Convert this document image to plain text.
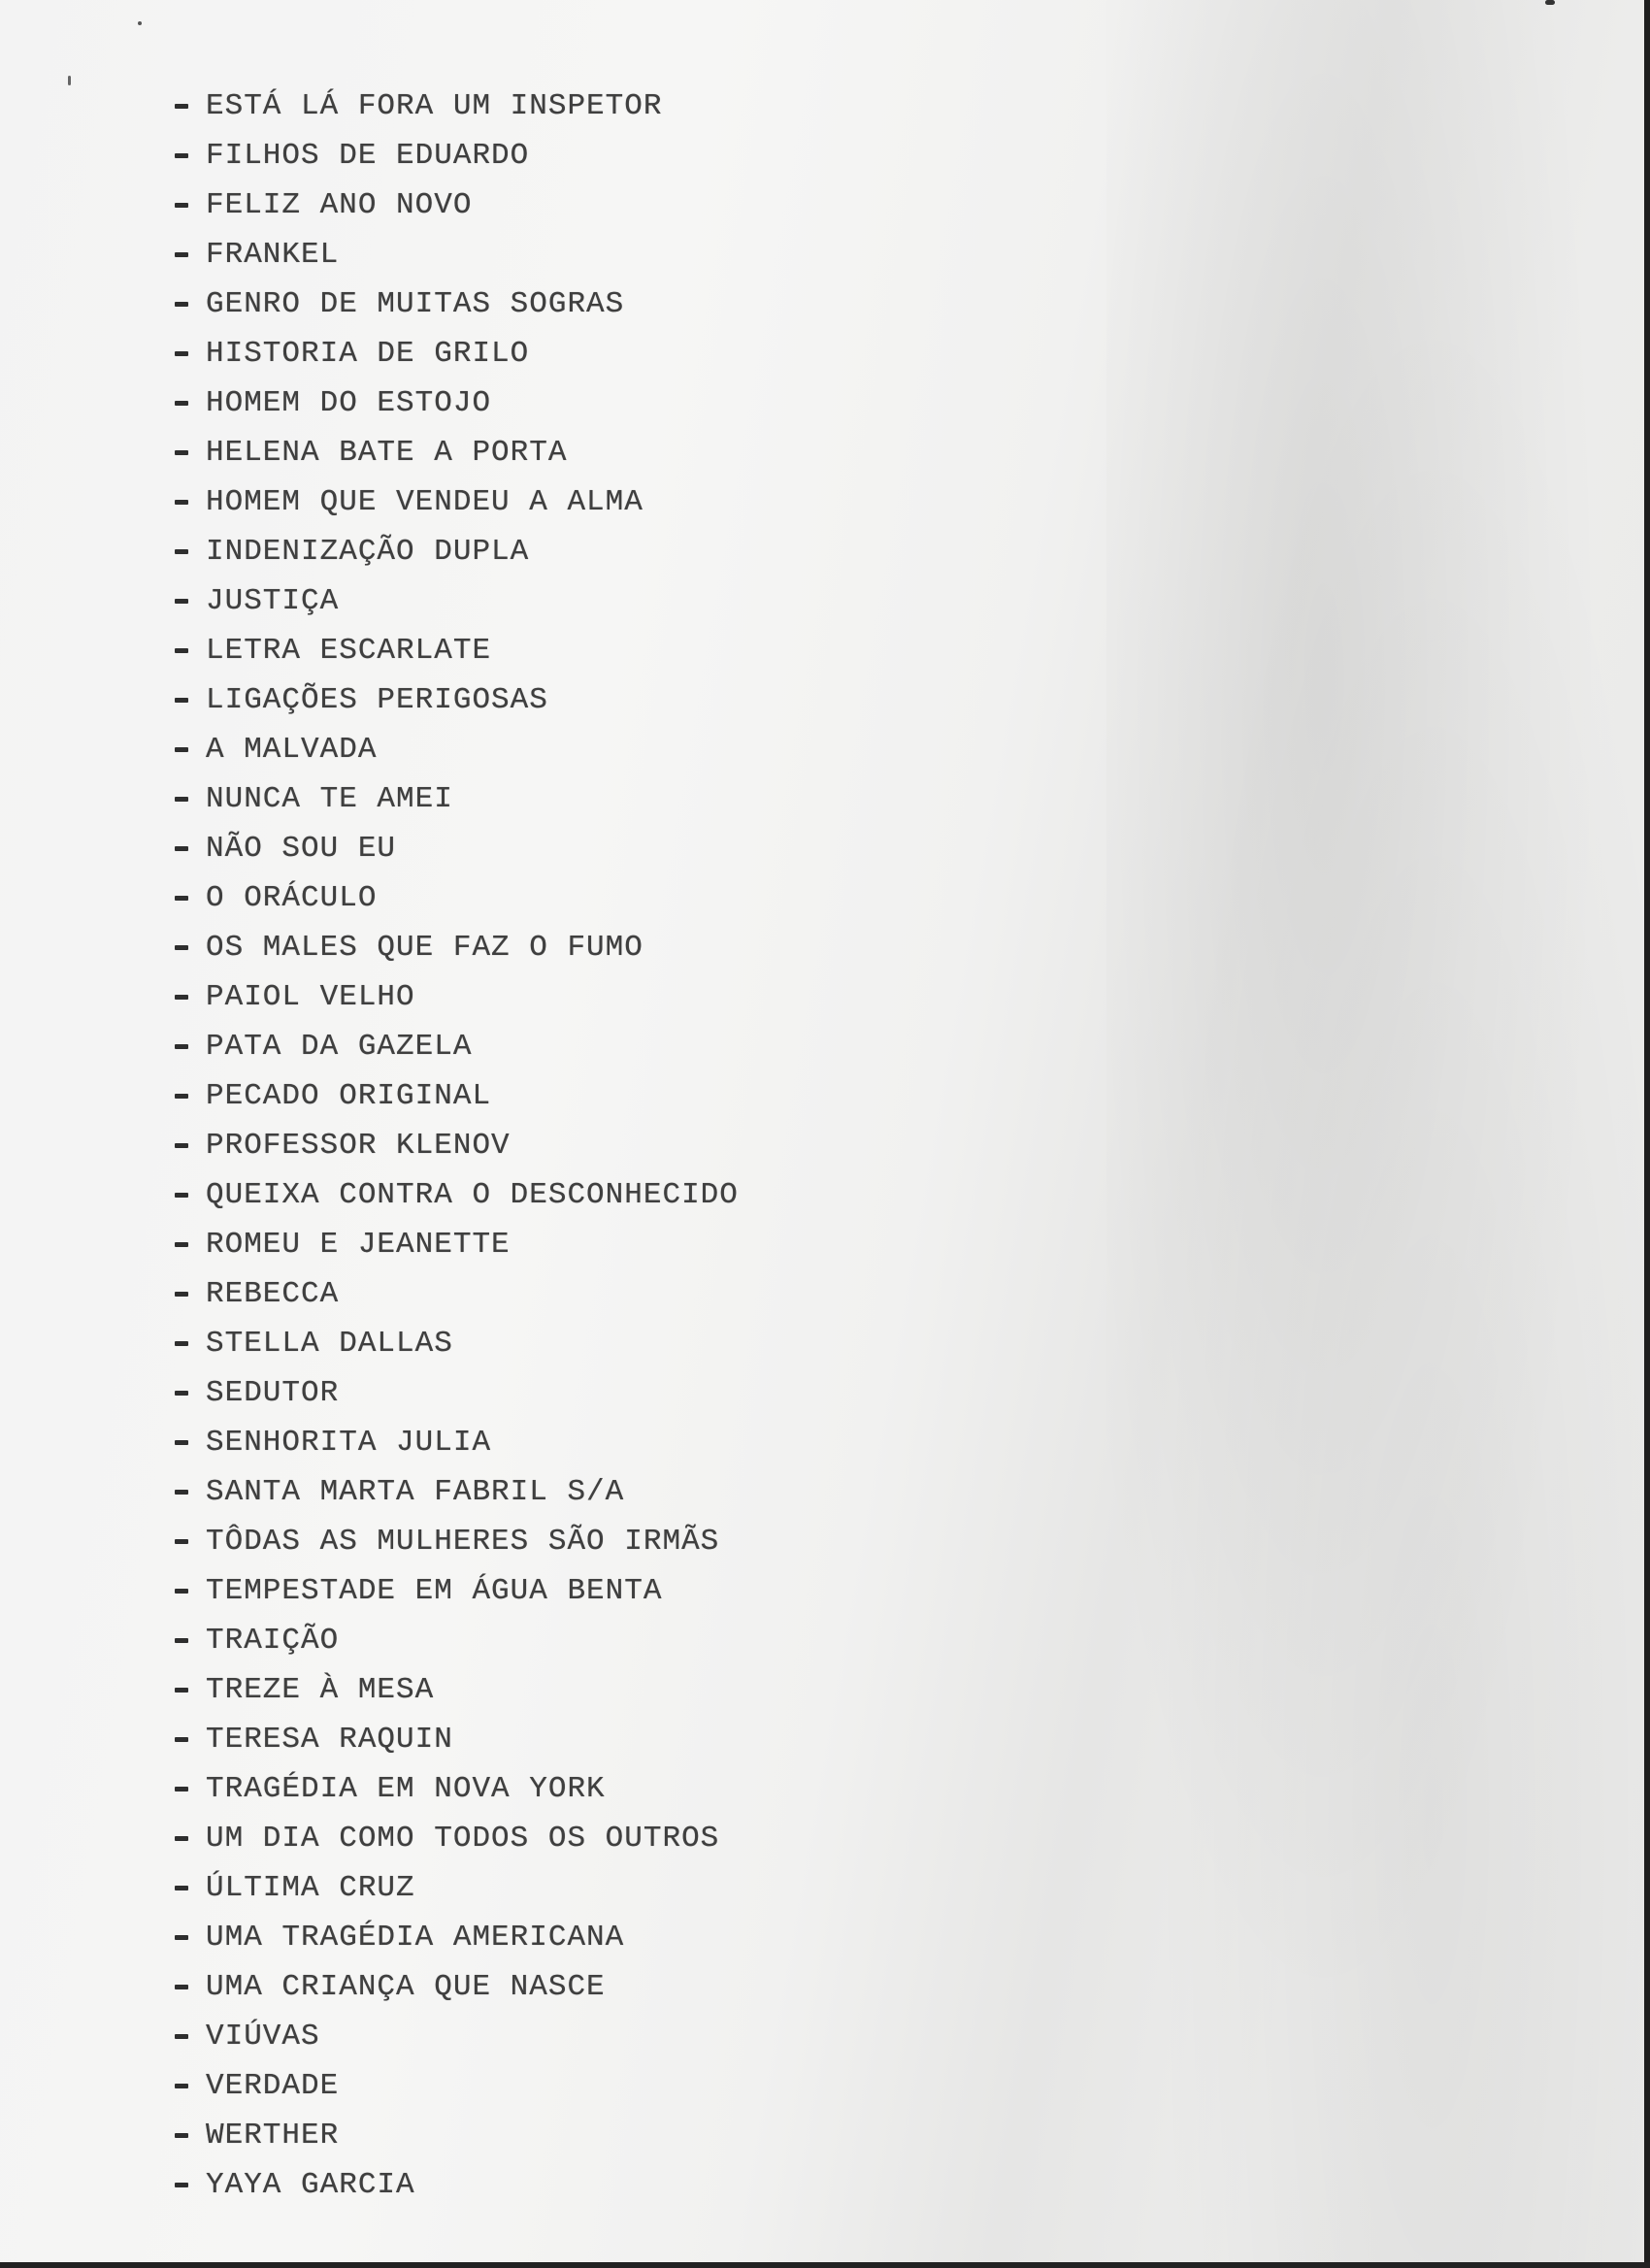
ESTÁ LÁ FORA UM INSPETOR
FILHOS DE EDUARDO
FELIZ ANO NOVO
FRANKEL
GENRO DE MUITAS SOGRAS
HISTORIA DE GRILO
HOMEM DO ESTOJO
HELENA BATE A PORTA
HOMEM QUE VENDEU A ALMA
INDENIZAÇÃO DUPLA
JUSTIÇA
LETRA ESCARLATE
LIGAÇÕES PERIGOSAS
A MALVADA
NUNCA TE AMEI
NÃO SOU EU
O ORÁCULO
OS MALES QUE FAZ O FUMO
PAIOL VELHO
PATA DA GAZELA
PECADO ORIGINAL
PROFESSOR KLENOV
QUEIXA CONTRA O DESCONHECIDO
ROMEU E JEANETTE
REBECCA
STELLA DALLAS
SEDUTOR
SENHORITA JULIA
SANTA MARTA FABRIL S/A
TÔDAS AS MULHERES SÃO IRMÃS
TEMPESTADE EM ÁGUA BENTA
TRAIÇÃO
TREZE À MESA
TERESA RAQUIN
TRAGÉDIA EM NOVA YORK
UM DIA COMO TODOS OS OUTROS
ÚLTIMA CRUZ
UMA TRAGÉDIA AMERICANA
UMA CRIANÇA QUE NASCE
VIÚVAS
VERDADE
WERTHER
YAYA GARCIA
